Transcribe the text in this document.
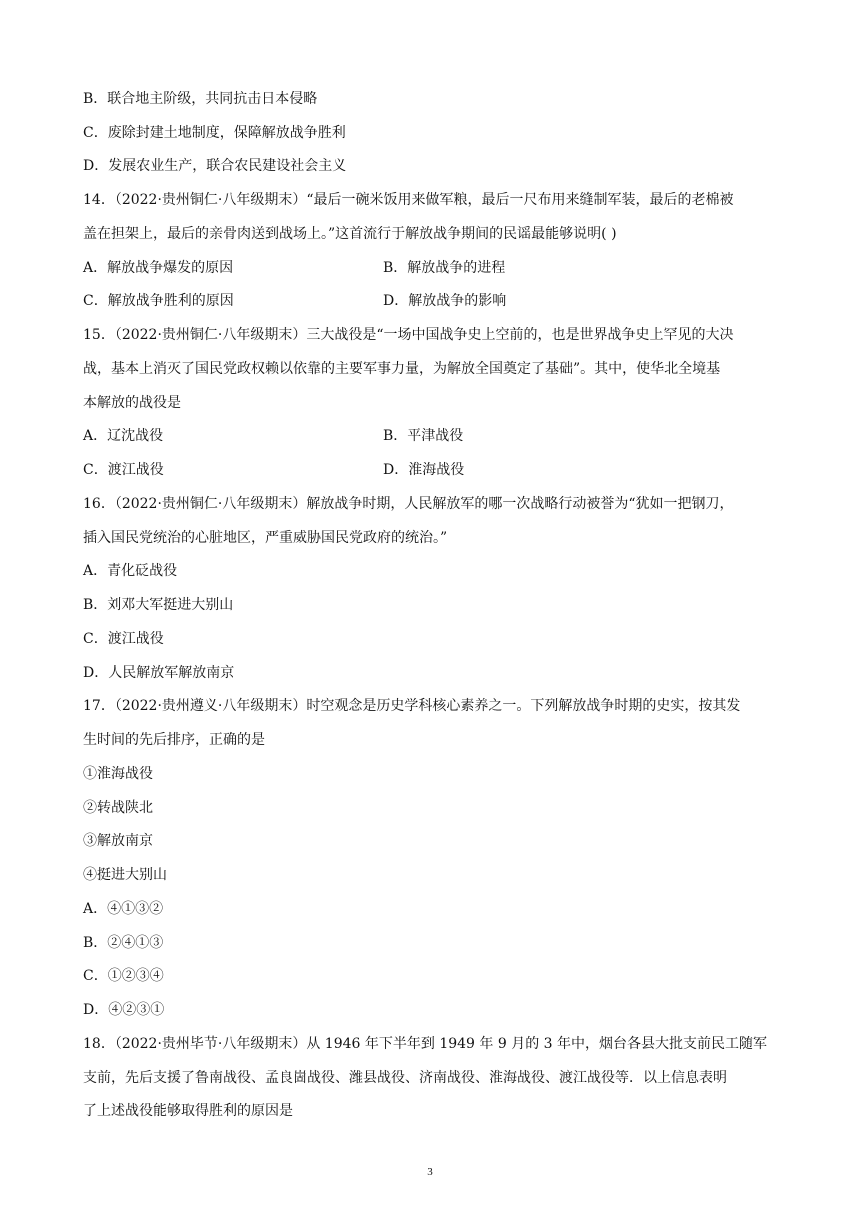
B．联合地主阶级，共同抗击日本侵略
C．废除封建土地制度，保障解放战争胜利
D．发展农业生产，联合农民建设社会主义
14．（2022·贵州铜仁·八年级期末）“最后一碗米饭用来做军粮，最后一尺布用来缝制军装，最后的老棉被
盖在担架上，最后的亲骨肉送到战场上。”这首流行于解放战争期间的民谣最能够说明( )
A．解放战争爆发的原因	B．解放战争的进程
C．解放战争胜利的原因	D．解放战争的影响
15．（2022·贵州铜仁·八年级期末）三大战役是“一场中国战争史上空前的，也是世界战争史上罕见的大决
战，基本上消灭了国民党政权赖以依靠的主要军事力量，为解放全国奠定了基础”。其中，使华北全境基
本解放的战役是
A．辽沈战役	B．平津战役
C．渡江战役	D．淮海战役
16．（2022·贵州铜仁·八年级期末）解放战争时期，人民解放军的哪一次战略行动被誉为“犹如一把钢刀，
插入国民党统治的心脏地区，严重威胁国民党政府的统治。”
A．青化砭战役
B．刘邓大军挺进大别山
C．渡江战役
D．人民解放军解放南京
17．（2022·贵州遵义·八年级期末）时空观念是历史学科核心素养之一。下列解放战争时期的史实，按其发
生时间的先后排序，正确的是
①淮海战役
②转战陕北
③解放南京
④挺进大别山
A．④①③②
B．②④①③
C．①②③④
D．④②③①
18．（2022·贵州毕节·八年级期末）从 1946 年下半年到 1949 年 9 月的 3 年中，烟台各县大批支前民工随军
支前，先后支援了鲁南战役、孟良崮战役、潍县战役、济南战役、淮海战役、渡江战役等．以上信息表明
了上述战役能够取得胜利的原因是
3
